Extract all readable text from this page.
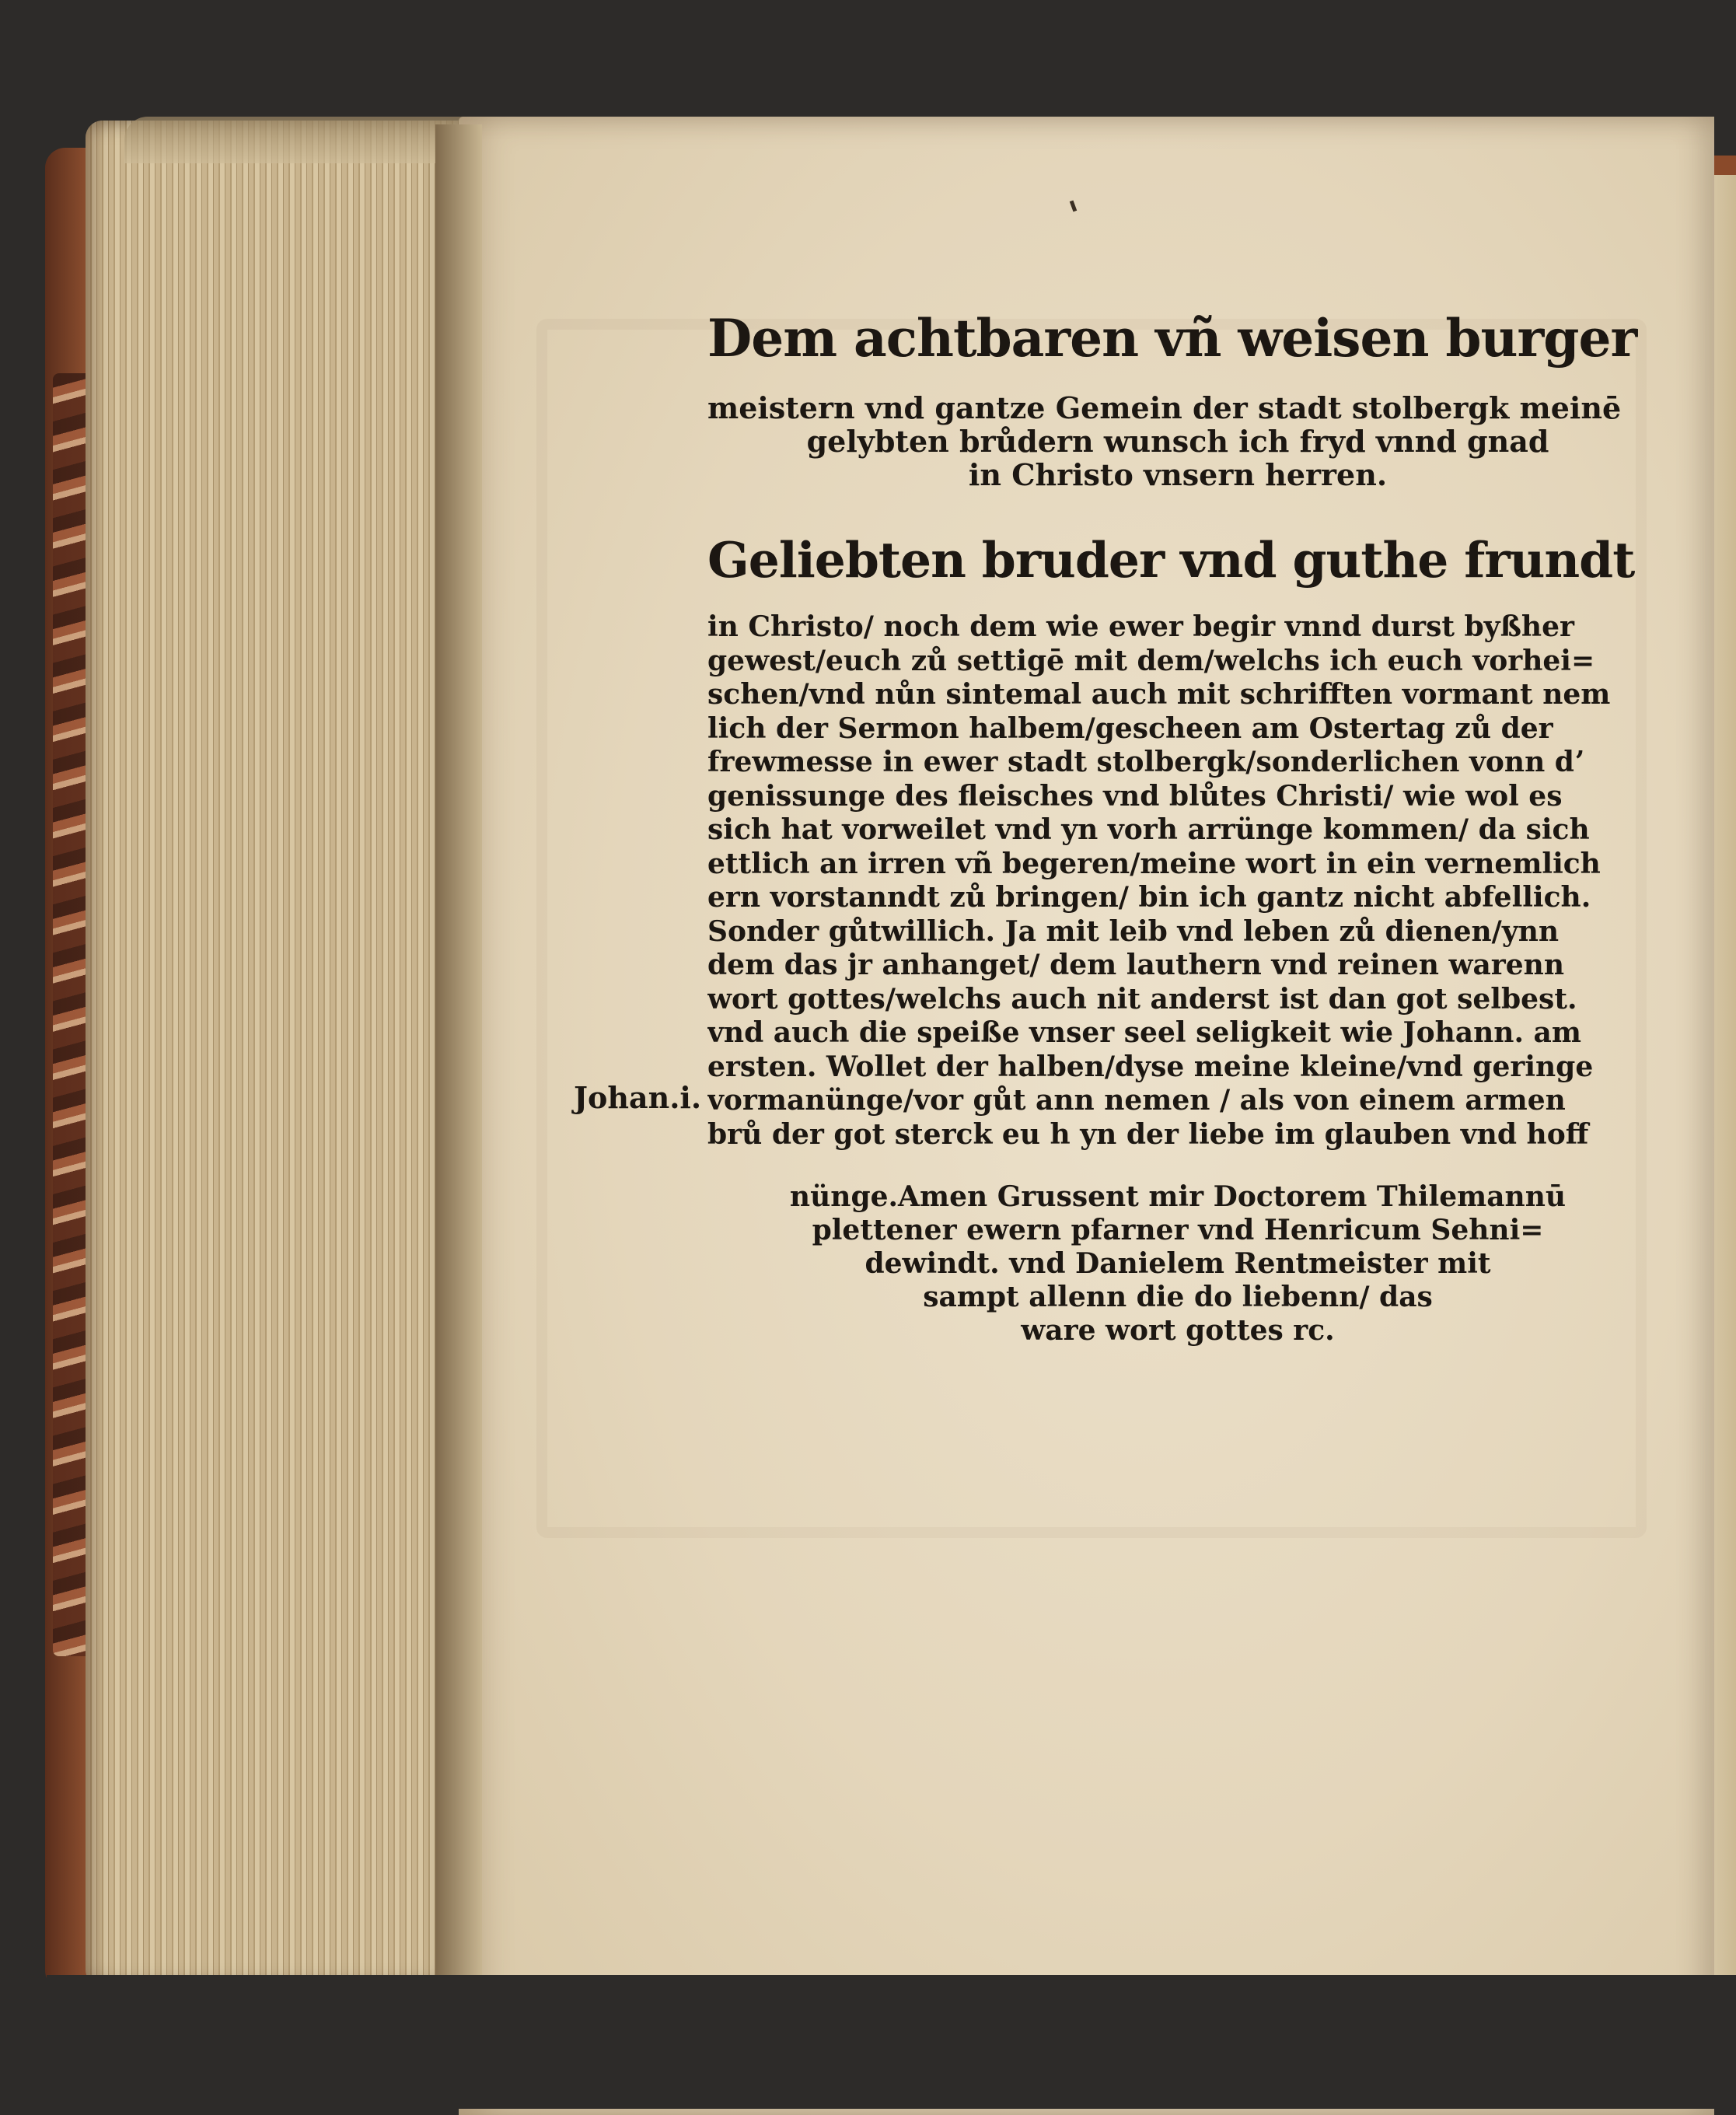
Johan.i.
Dem achtbaren vñ weisen burger
meistern vnd gantze Gemein der stadt stolbergk meinē
gelybten brůdern wunsch ich fryd vnnd gnad
in Christo vnsern herren.
Geliebten bruder vnd guthe frundt
in Christo/ noch dem wie ewer begir vnnd durst byßher
gewest/euch zů settigē mit dem/welchs ich euch vorhei=
schen/vnd nůn sintemal auch mit schrifften vormant nem
lich der Sermon halbem/gescheen am Ostertag zů der
frewmesse in ewer stadt stolbergk/sonderlichen vonn dʼ
genissunge des fleisches vnd blůtes Christi/ wie wol es
sich hat vorweilet vnd yn vorh arrünge kommen/ da sich
ettlich an irren vñ begeren/meine wort in ein vernemlich
ern vorstanndt zů bringen/ bin ich gantz nicht abfellich.
Sonder gůtwillich. Ja mit leib vnd leben zů dienen/ynn
dem das jr anhanget/ dem lauthern vnd reinen warenn
wort gottes/welchs auch nit anderst ist dan got selbest.
vnd auch die speiße vnser seel seligkeit wie Johann. am
ersten. Wollet der halben/dyse meine kleine/vnd geringe
vormanünge/vor gůt ann nemen / als von einem armen
brů der got sterck eu h yn der liebe im glauben vnd hoff
nünge.Amen Grussent mir Doctorem Thilemannū
plettener ewern pfarner vnd Henricum Sehni=
dewindt. vnd Danielem Rentmeister mit
sampt allenn die do liebenn/ das
ware wort gottes rc.
